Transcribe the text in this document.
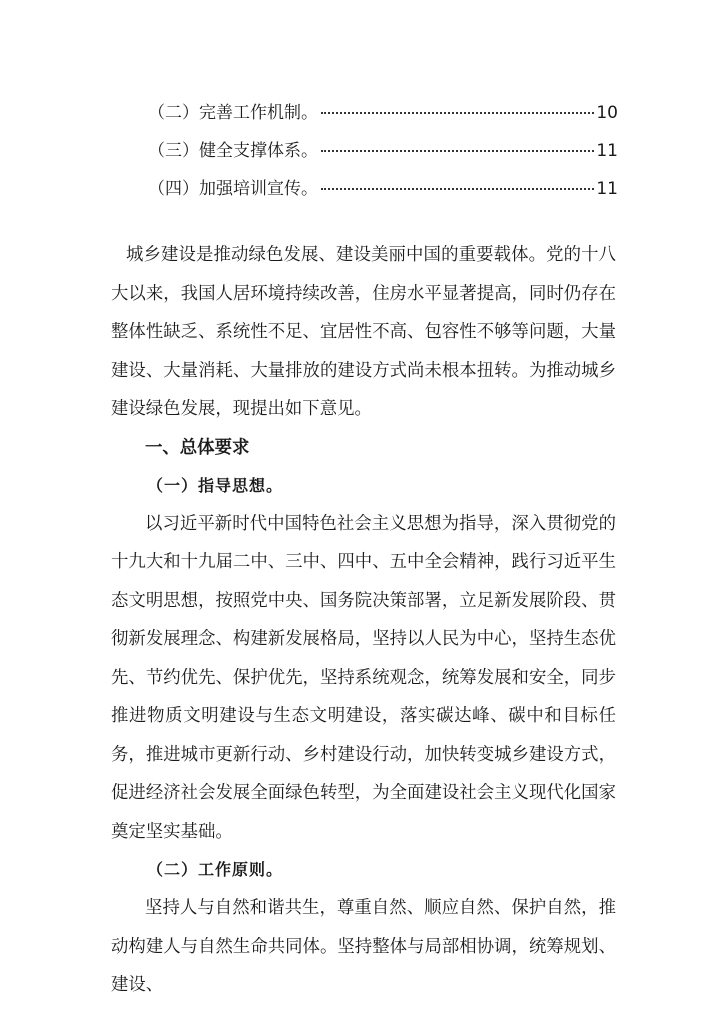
（二）完善工作机制。	10
（三）健全支撑体系。	11
（四）加强培训宣传。	11

城乡建设是推动绿色发展、建设美丽中国的重要载体。党的十八大以来，我国人居环境持续改善，住房水平显著提高，同时仍存在整体性缺乏、系统性不足、宜居性不高、包容性不够等问题，大量建设、大量消耗、大量排放的建设方式尚未根本扭转。为推动城乡建设绿色发展，现提出如下意见。

一、总体要求

（一）指导思想。

以习近平新时代中国特色社会主义思想为指导，深入贯彻党的十九大和十九届二中、三中、四中、五中全会精神，践行习近平生态文明思想，按照党中央、国务院决策部署，立足新发展阶段、贯彻新发展理念、构建新发展格局，坚持以人民为中心，坚持生态优先、节约优先、保护优先，坚持系统观念，统筹发展和安全，同步推进物质文明建设与生态文明建设，落实碳达峰、碳中和目标任务，推进城市更新行动、乡村建设行动，加快转变城乡建设方式，促进经济社会发展全面绿色转型，为全面建设社会主义现代化国家奠定坚实基础。

（二）工作原则。

坚持人与自然和谐共生，尊重自然、顺应自然、保护自然，推动构建人与自然生命共同体。坚持整体与局部相协调，统筹规划、建设、
